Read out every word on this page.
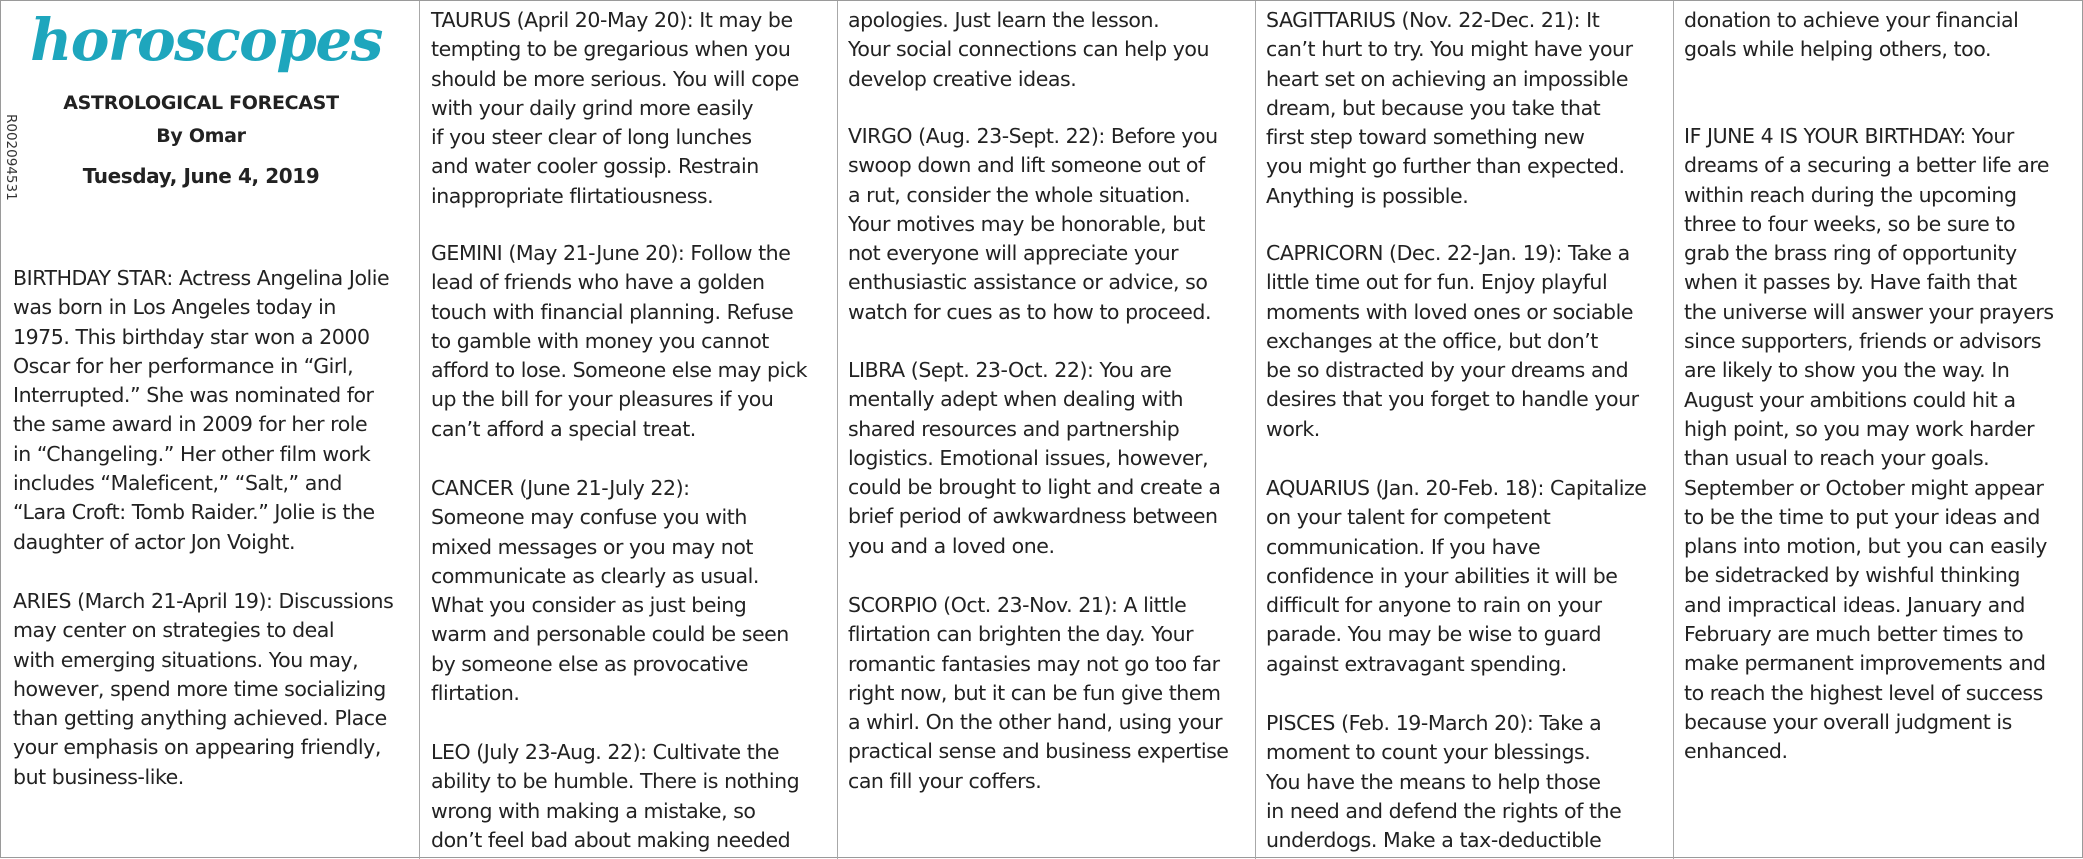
horoscopes
ASTROLOGICAL FORECAST
By Omar
Tuesday, June 4, 2019
R002094531

BIRTHDAY STAR: Actress Angelina Jolie
was born in Los Angeles today in
1975. This birthday star won a 2000
Oscar for her performance in “Girl,
Interrupted.” She was nominated for
the same award in 2009 for her role
in “Changeling.” Her other film work
includes “Maleficent,” “Salt,” and
“Lara Croft: Tomb Raider.” Jolie is the
daughter of actor Jon Voight.

ARIES (March 21-April 19): Discussions
may center on strategies to deal
with emerging situations. You may,
however, spend more time socializing
than getting anything achieved. Place
your emphasis on appearing friendly,
but business-like.

TAURUS (April 20-May 20): It may be
tempting to be gregarious when you
should be more serious. You will cope
with your daily grind more easily
if you steer clear of long lunches
and water cooler gossip. Restrain
inappropriate flirtatiousness.

GEMINI (May 21-June 20): Follow the
lead of friends who have a golden
touch with financial planning. Refuse
to gamble with money you cannot
afford to lose. Someone else may pick
up the bill for your pleasures if you
can’t afford a special treat.

CANCER (June 21-July 22):
Someone may confuse you with
mixed messages or you may not
communicate as clearly as usual.
What you consider as just being
warm and personable could be seen
by someone else as provocative
flirtation.

LEO (July 23-Aug. 22): Cultivate the
ability to be humble. There is nothing
wrong with making a mistake, so
don’t feel bad about making needed

apologies. Just learn the lesson.
Your social connections can help you
develop creative ideas.

VIRGO (Aug. 23-Sept. 22): Before you
swoop down and lift someone out of
a rut, consider the whole situation.
Your motives may be honorable, but
not everyone will appreciate your
enthusiastic assistance or advice, so
watch for cues as to how to proceed.

LIBRA (Sept. 23-Oct. 22): You are
mentally adept when dealing with
shared resources and partnership
logistics. Emotional issues, however,
could be brought to light and create a
brief period of awkwardness between
you and a loved one.

SCORPIO (Oct. 23-Nov. 21): A little
flirtation can brighten the day. Your
romantic fantasies may not go too far
right now, but it can be fun give them
a whirl. On the other hand, using your
practical sense and business expertise
can fill your coffers.

SAGITTARIUS (Nov. 22-Dec. 21): It
can’t hurt to try. You might have your
heart set on achieving an impossible
dream, but because you take that
first step toward something new
you might go further than expected.
Anything is possible.

CAPRICORN (Dec. 22-Jan. 19): Take a
little time out for fun. Enjoy playful
moments with loved ones or sociable
exchanges at the office, but don’t
be so distracted by your dreams and
desires that you forget to handle your
work.

AQUARIUS (Jan. 20-Feb. 18): Capitalize
on your talent for competent
communication. If you have
confidence in your abilities it will be
difficult for anyone to rain on your
parade. You may be wise to guard
against extravagant spending.

PISCES (Feb. 19-March 20): Take a
moment to count your blessings.
You have the means to help those
in need and defend the rights of the
underdogs. Make a tax-deductible

donation to achieve your financial
goals while helping others, too.

IF JUNE 4 IS YOUR BIRTHDAY: Your
dreams of a securing a better life are
within reach during the upcoming
three to four weeks, so be sure to
grab the brass ring of opportunity
when it passes by. Have faith that
the universe will answer your prayers
since supporters, friends or advisors
are likely to show you the way. In
August your ambitions could hit a
high point, so you may work harder
than usual to reach your goals.
September or October might appear
to be the time to put your ideas and
plans into motion, but you can easily
be sidetracked by wishful thinking
and impractical ideas. January and
February are much better times to
make permanent improvements and
to reach the highest level of success
because your overall judgment is
enhanced.
